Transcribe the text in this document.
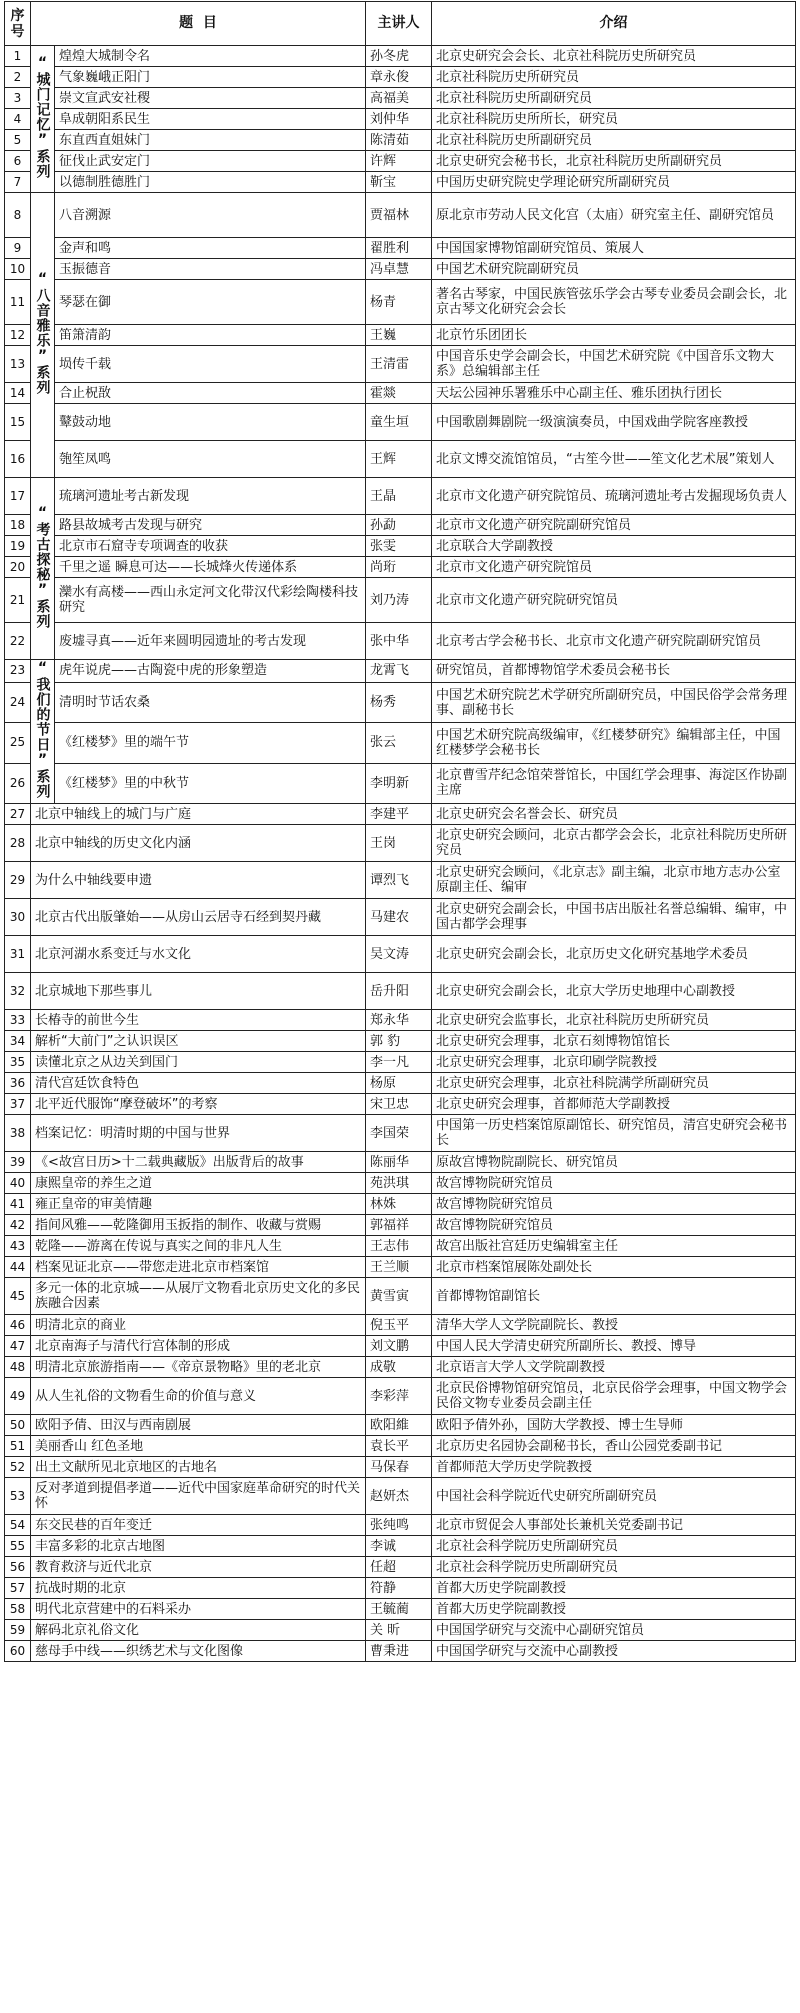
序号	题  目		主讲人	介绍
1	“城门记忆”系列	煌煌大城制令名	孙冬虎	北京史研究会会长、北京社科院历史所研究员
2		气象巍峨正阳门	章永俊	北京社科院历史所研究员
3		崇文宣武安社稷	高福美	北京社科院历史所副研究员
4		阜成朝阳系民生	刘仲华	北京社科院历史所所长，研究员
5		东直西直姐妹门	陈清茹	北京社科院历史所副研究员
6		征伐止武安定门	许辉	北京史研究会秘书长，北京社科院历史所副研究员
7		以德制胜德胜门	靳宝	中国历史研究院史学理论研究所副研究员
8	“八音雅乐”系列	八音溯源	贾福林	原北京市劳动人民文化宫（太庙）研究室主任、副研究馆员
9		金声和鸣	翟胜利	中国国家博物馆副研究馆员、策展人
10		玉振德音	冯卓慧	中国艺术研究院副研究员
11		琴瑟在御	杨青	著名古琴家，中国民族管弦乐学会古琴专业委员会副会长，北京古琴文化研究会会长
12		笛箫清韵	王巍	北京竹乐团团长
13		埙传千载	王清雷	中国音乐史学会副会长，中国艺术研究院《中国音乐文物大系》总编辑部主任
14		合止柷敔	霍燚	天坛公园神乐署雅乐中心副主任、雅乐团执行团长
15		鼙鼓动地	童生垣	中国歌剧舞剧院一级演演奏员，中国戏曲学院客座教授
16		匏笙凤鸣	王辉	北京文博交流馆馆员，“古笙今世——笙文化艺术展”策划人
17	“考古探秘”系列	琉璃河遗址考古新发现	王晶	北京市文化遗产研究院馆员、琉璃河遗址考古发掘现场负责人
18		路县故城考古发现与研究	孙勐	北京市文化遗产研究院副研究馆员
19		北京市石窟寺专项调查的收获	张雯	北京联合大学副教授
20		千里之遥 瞬息可达——长城烽火传递体系	尚珩	北京市文化遗产研究院馆员
21		灤水有高楼——西山永定河文化带汉代彩绘陶楼科技研究	刘乃涛	北京市文化遗产研究院研究馆员
22		废墟寻真——近年来圆明园遗址的考古发现	张中华	北京考古学会秘书长、北京市文化遗产研究院副研究馆员
23	“我们的节日”系列	虎年说虎——古陶瓷中虎的形象塑造	龙霄飞	研究馆员，首都博物馆学术委员会秘书长
24		清明时节话农桑	杨秀	中国艺术研究院艺术学研究所副研究员，中国民俗学会常务理事、副秘书长
25		《红楼梦》里的端午节	张云	中国艺术研究院高级编审，《红楼梦研究》编辑部主任，中国红楼梦学会秘书长
26		《红楼梦》里的中秋节	李明新	北京曹雪芹纪念馆荣誉馆长，中国红学会理事、海淀区作协副主席
27	北京中轴线上的城门与广庭		李建平	北京史研究会名誉会长、研究员
28	北京中轴线的历史文化内涵		王岗	北京史研究会顾问，北京古都学会会长，北京社科院历史所研究员
29	为什么中轴线要申遗		谭烈飞	北京史研究会顾问，《北京志》副主编，北京市地方志办公室原副主任、编审
30	北京古代出版肇始——从房山云居寺石经到契丹藏		马建农	北京史研究会副会长，中国书店出版社名誉总编辑、编审，中国古都学会理事
31	北京河湖水系变迁与水文化		吴文涛	北京史研究会副会长，北京历史文化研究基地学术委员
32	北京城地下那些事儿		岳升阳	北京史研究会副会长，北京大学历史地理中心副教授
33	长椿寺的前世今生		郑永华	北京史研究会监事长，北京社科院历史所研究员
34	解析“大前门”之认识误区		郭 豹	北京史研究会理事，北京石刻博物馆馆长
35	读懂北京之从边关到国门		李一凡	北京史研究会理事，北京印刷学院教授
36	清代宫廷饮食特色		杨原	北京史研究会理事，北京社科院满学所副研究员
37	北平近代服饰“摩登破坏”的考察		宋卫忠	北京史研究会理事，首都师范大学副教授
38	档案记忆：明清时期的中国与世界		李国荣	中国第一历史档案馆原副馆长、研究馆员，清宫史研究会秘书长
39	《<故宫日历>十二载典藏版》出版背后的故事		陈丽华	原故宫博物院副院长、研究馆员
40	康熙皇帝的养生之道		苑洪琪	故宫博物院研究馆员
41	雍正皇帝的审美情趣		林姝	故宫博物院研究馆员
42	指间风雅——乾隆御用玉扳指的制作、收藏与赏赐		郭福祥	故宫博物院研究馆员
43	乾隆——游离在传说与真实之间的非凡人生		王志伟	故宫出版社宫廷历史编辑室主任
44	档案见证北京——带您走进北京市档案馆		王兰顺	北京市档案馆展陈处副处长
45	多元一体的北京城——从展厅文物看北京历史文化的多民族融合因素		黄雪寅	首都博物馆副馆长
46	明清北京的商业		倪玉平	清华大学人文学院副院长、教授
47	北京南海子与清代行宫体制的形成		刘文鹏	中国人民大学清史研究所副所长、教授、博导
48	明清北京旅游指南——《帝京景物略》里的老北京		成敬	北京语言大学人文学院副教授
49	从人生礼俗的文物看生命的价值与意义		李彩萍	北京民俗博物馆研究馆员，北京民俗学会理事，中国文物学会民俗文物专业委员会副主任
50	欧阳予倩、田汉与西南剧展		欧阳維	欧阳予倩外孙，国防大学教授、博士生导师
51	美丽香山 红色圣地		袁长平	北京历史名园协会副秘书长，香山公园党委副书记
52	出土文献所见北京地区的古地名		马保春	首都师范大学历史学院教授
53	反对孝道到提倡孝道——近代中国家庭革命研究的时代关怀		赵妍杰	中国社会科学院近代史研究所副研究员
54	东交民巷的百年变迁		张纯鸣	北京市贸促会人事部处长兼机关党委副书记
55	丰富多彩的北京古地图		李诚	北京社会科学院历史所副研究员
56	教育救济与近代北京		任超	北京社会科学院历史所副研究员
57	抗战时期的北京		符静	首都大历史学院副教授
58	明代北京营建中的石料采办		王毓蔺	首都大历史学院副教授
59	解码北京礼俗文化		关 昕	中国国学研究与交流中心副研究馆员
60	慈母手中线——织绣艺术与文化图像		曹秉进	中国国学研究与交流中心副教授
